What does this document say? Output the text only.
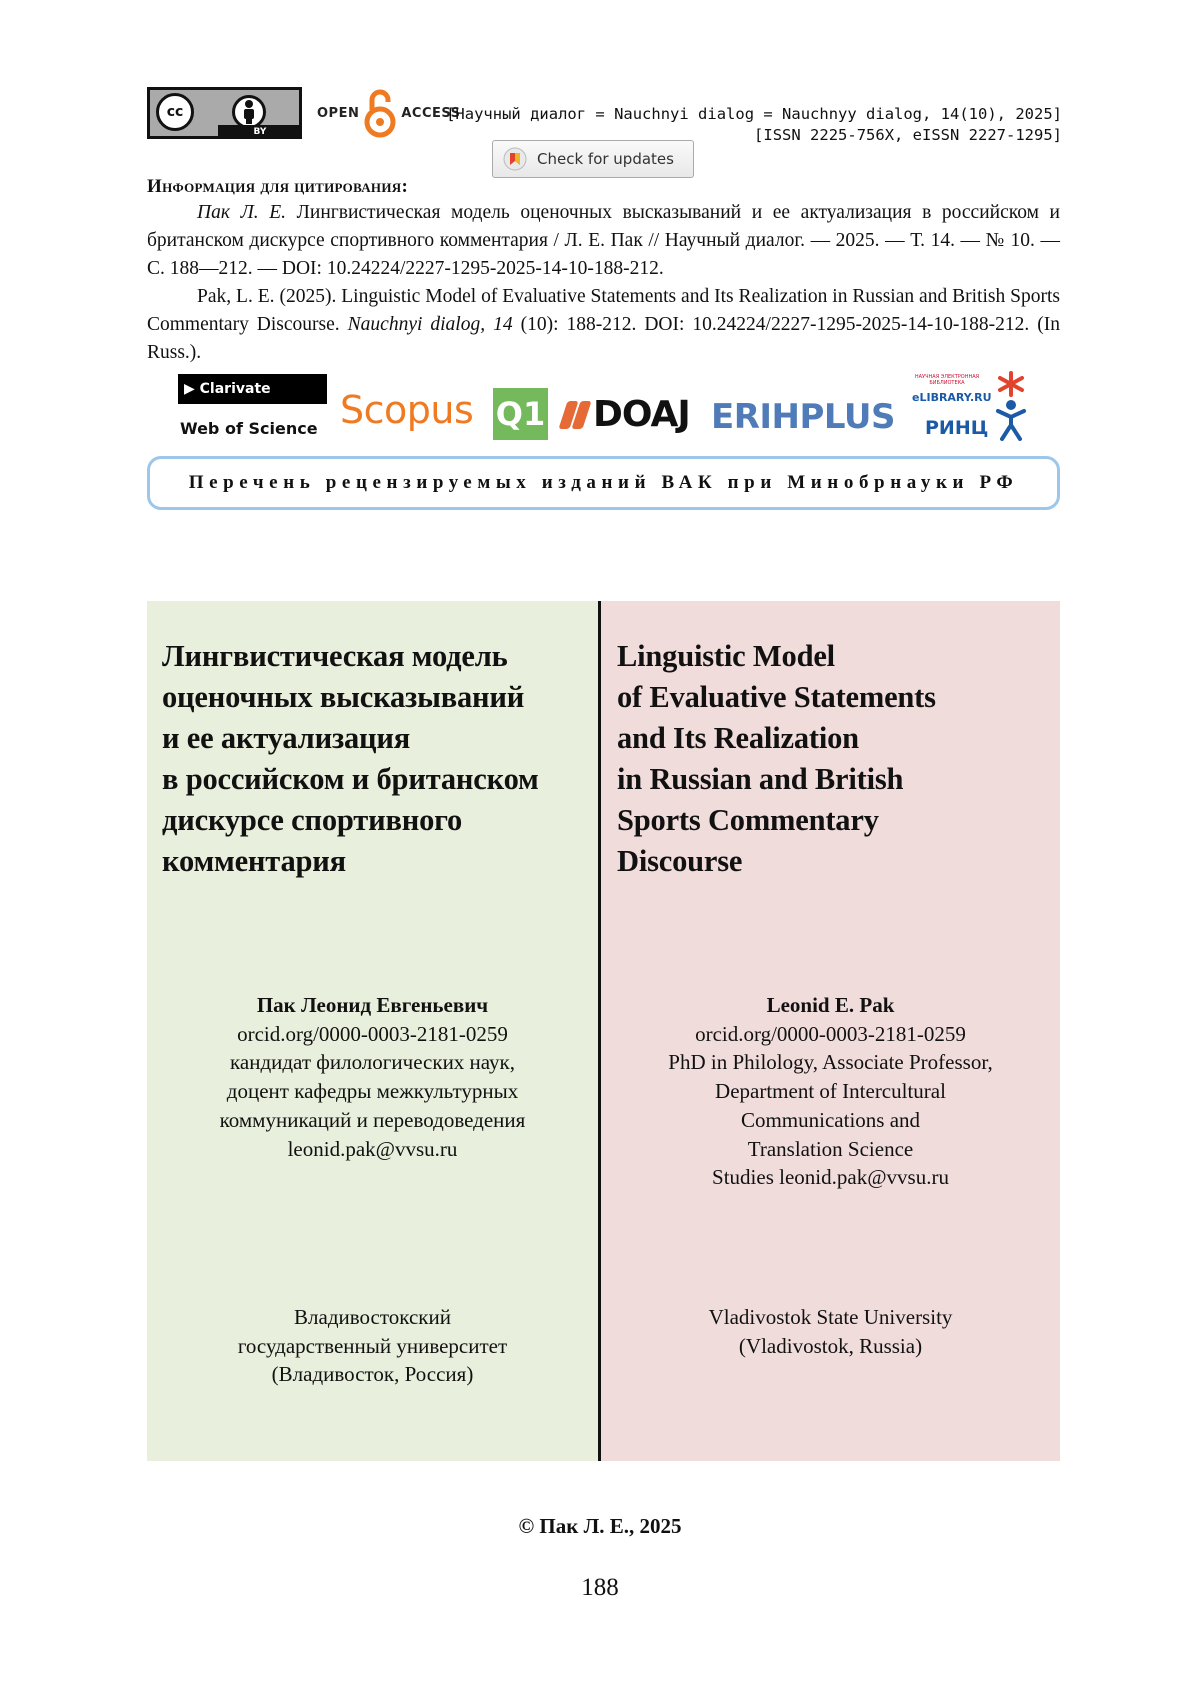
cc
BY
OPEN	ACCESS
[Научный диалог = Nauchnyi dialog = Nauchnyy dialog, 14(10), 2025]
[ISSN 2225-756X, eISSN 2227-1295]
Check for updates
Информация для цитирования:

Пак Л. Е. Лингвистическая модель оценочных высказываний и ее актуализация в российском и британском дискурсе спортивного комментария / Л. Е. Пак // Научный диалог. — 2025. — Т. 14. — № 10. — С. 188—212. — DOI: 10.24224/2227-1295-2025-14-10-188-212.

Pak, L. E. (2025). Linguistic Model of Evaluative Statements and Its Realization in Russian and British Sports Commentary Discourse. Nauchnyi dialog, 14 (10): 188-212. DOI: 10.24224/2227-1295-2025-14-10-188-212. (In Russ.).

▶ Clarivate
Web of Science Scopus Q1 DOAJ ERIHPLUS
НАУЧНАЯ ЭЛЕКТРОННАЯ БИБЛИОТЕКА
eLIBRARY.RU
РИНЦ
Перечень рецензируемых изданий ВАК при Минобрнауки РФ
Лингвистическая модель
оценочных высказываний
и ее актуализация
в российском и британском
дискурсе спортивного
комментария
Пак Леонид Евгеньевич
orcid.org/0000-0003-2181-0259
кандидат филологических наук,
доцент кафедры межкультурных
коммуникаций и переводоведения
leonid.pak@vvsu.ru
Владивостокский
государственный университет
(Владивосток, Россия)
Linguistic Model
of Evaluative Statements
and Its Realization
in Russian and British
Sports Commentary
Discourse
Leonid E. Pak
orcid.org/0000-0003-2181-0259
PhD in Philology, Associate Professor,
Department of Intercultural
Communications and
Translation Science
Studies leonid.pak@vvsu.ru
Vladivostok State University
(Vladivostok, Russia)
© Пак Л. Е., 2025
188
